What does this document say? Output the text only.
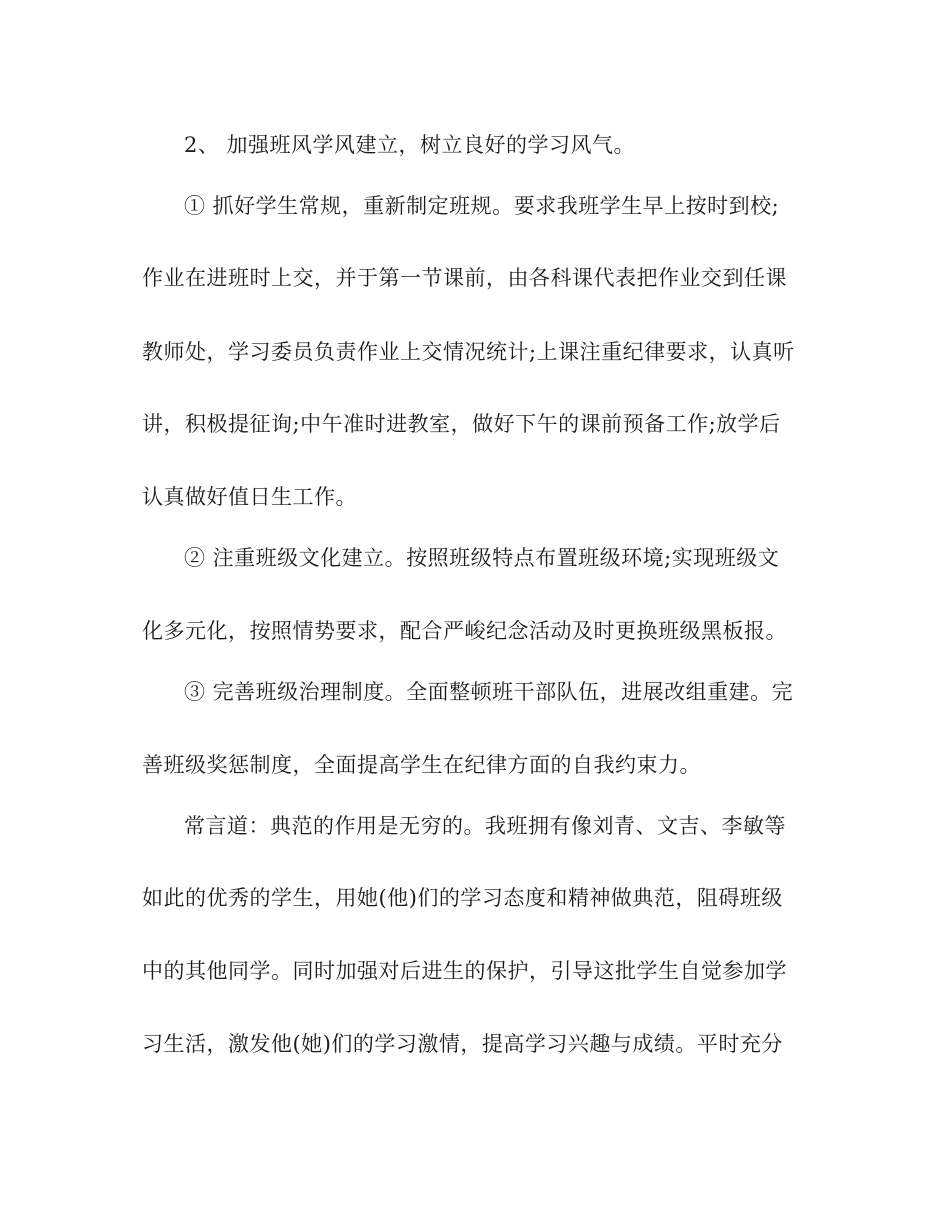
2、 加强班风学风建立，树立良好的学习风气。
① 抓好学生常规，重新制定班规。要求我班学生早上按时到校;
作业在进班时上交，并于第一节课前，由各科课代表把作业交到任课
教师处，学习委员负责作业上交情况统计;上课注重纪律要求，认真听
讲，积极提征询;中午准时进教室，做好下午的课前预备工作;放学后
认真做好值日生工作。
② 注重班级文化建立。按照班级特点布置班级环境;实现班级文
化多元化，按照情势要求，配合严峻纪念活动及时更换班级黑板报。
③ 完善班级治理制度。全面整顿班干部队伍，进展改组重建。完
善班级奖惩制度，全面提高学生在纪律方面的自我约束力。
常言道：典范的作用是无穷的。我班拥有像刘青、文吉、李敏等
如此的优秀的学生，用她(他)们的学习态度和精神做典范，阻碍班级
中的其他同学。同时加强对后进生的保护，引导这批学生自觉参加学
习生活，激发他(她)们的学习激情，提高学习兴趣与成绩。平时充分
